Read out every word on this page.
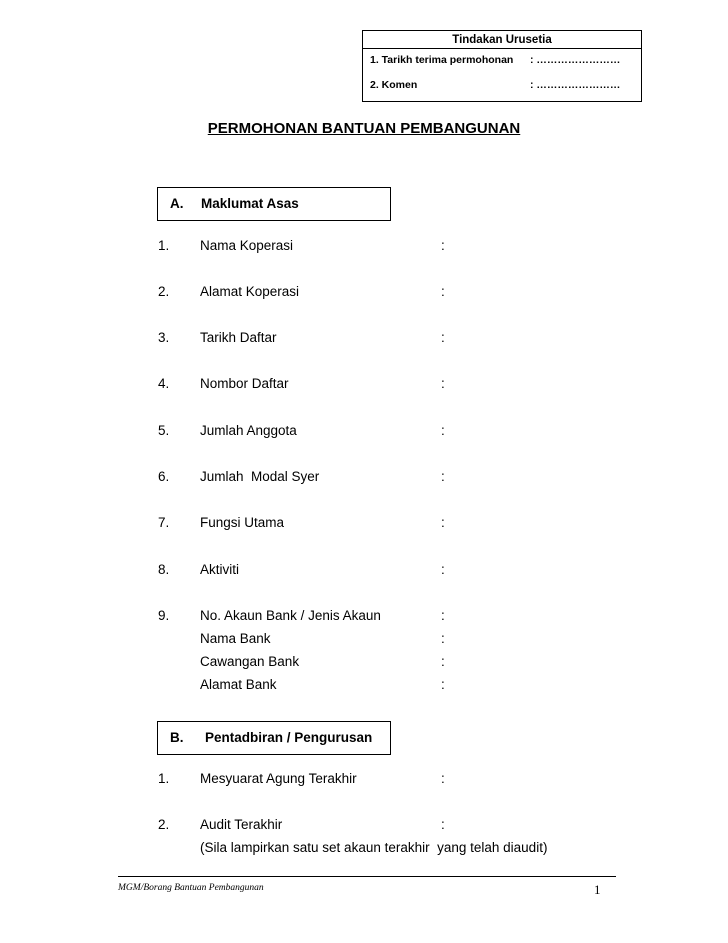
Tindakan Urusetia
1. Tarikh terima permohonan : ……………………
2. Komen	: ……………………
PERMOHONAN BANTUAN PEMBANGUNAN
A. Maklumat Asas
1. Nama Koperasi	:
2. Alamat Koperasi	:
3. Tarikh Daftar	:
4. Nombor Daftar	:
5. Jumlah Anggota	:
6. Jumlah  Modal Syer	:
7. Fungsi Utama	:
8. Aktiviti	:
9. No. Akaun Bank / Jenis Akaun	:
Nama Bank	:
Cawangan Bank	:
Alamat Bank	:
B. Pentadbiran / Pengurusan
1. Mesyuarat Agung Terakhir	:
2. Audit Terakhir	:
(Sila lampirkan satu set akaun terakhir  yang telah diaudit)
MGM/Borang Bantuan Pembangunan	1
